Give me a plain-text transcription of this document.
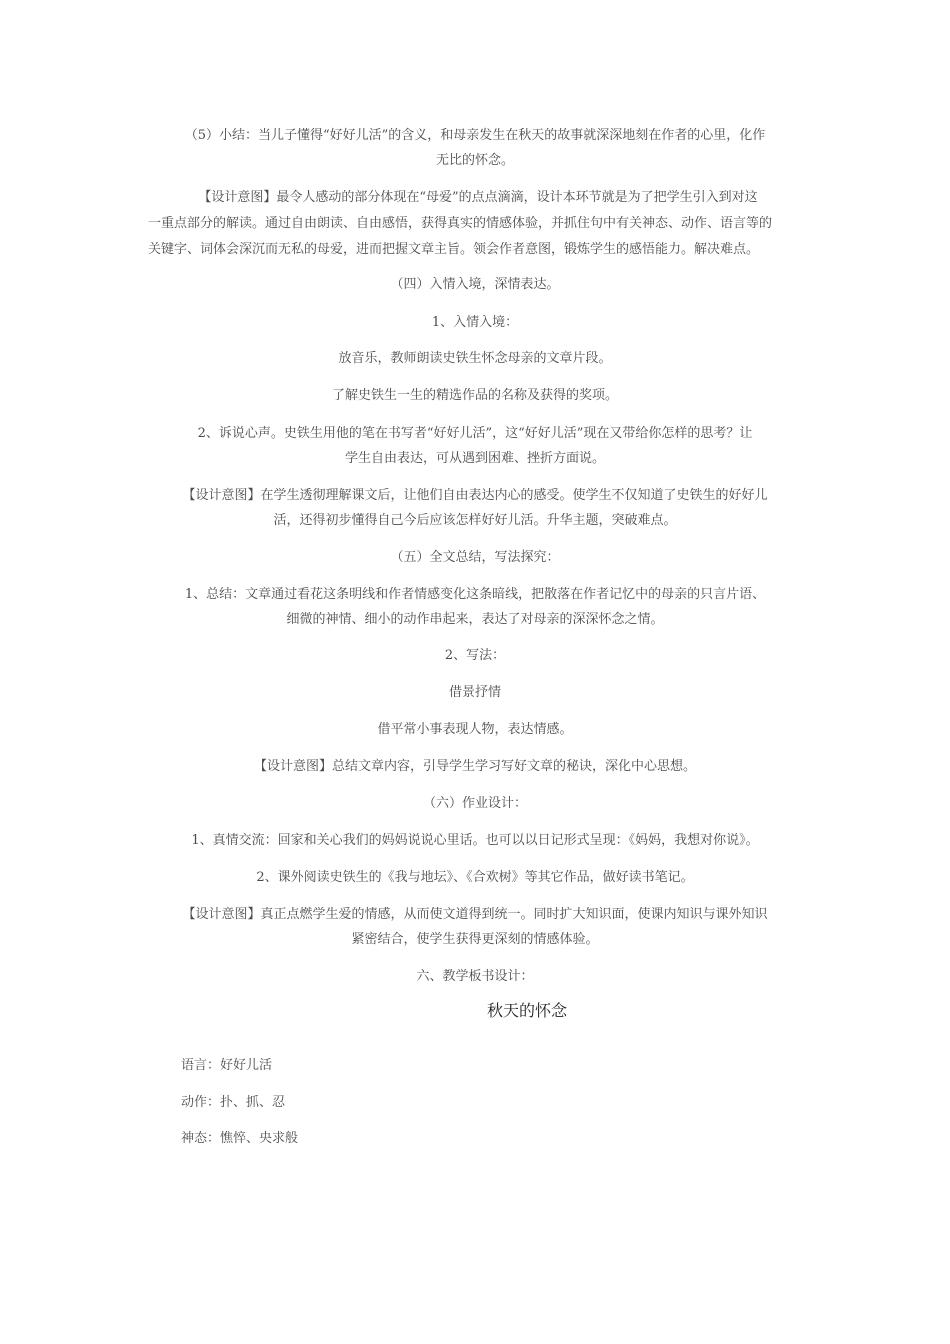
（5）小结：当儿子懂得“好好儿活”的含义，和母亲发生在秋天的故事就深深地刻在作者的心里，化作
无比的怀念。
【设计意图】最令人感动的部分体现在“母爱”的点点滴滴，设计本环节就是为了把学生引入到对这
一重点部分的解读。通过自由朗读、自由感悟，获得真实的情感体验，并抓住句中有关神态、动作、语言等的
关键字、词体会深沉而无私的母爱，进而把握文章主旨。领会作者意图，锻炼学生的感悟能力。解决难点。
（四）入情入境，深情表达。
1、入情入境：
放音乐，教师朗读史铁生怀念母亲的文章片段。
了解史铁生一生的精选作品的名称及获得的奖项。
2、诉说心声。史铁生用他的笔在书写者“好好儿活”，这“好好儿活”现在又带给你怎样的思考？让
学生自由表达，可从遇到困难、挫折方面说。
【设计意图】在学生透彻理解课文后，让他们自由表达内心的感受。使学生不仅知道了史铁生的好好儿
活，还得初步懂得自己今后应该怎样好好儿活。升华主题，突破难点。
（五）全文总结，写法探究：
1、总结：文章通过看花这条明线和作者情感变化这条暗线，把散落在作者记忆中的母亲的只言片语、
细微的神情、细小的动作串起来，表达了对母亲的深深怀念之情。
2、写法：
借景抒情
借平常小事表现人物，表达情感。
【设计意图】总结文章内容，引导学生学习写好文章的秘诀，深化中心思想。
（六）作业设计：
1、真情交流：回家和关心我们的妈妈说说心里话。也可以以日记形式呈现：《妈妈，我想对你说》。
2、课外阅读史铁生的《我与地坛》、《合欢树》等其它作品，做好读书笔记。
【设计意图】真正点燃学生爱的情感，从而使文道得到统一。同时扩大知识面，使课内知识与课外知识
紧密结合，使学生获得更深刻的情感体验。
六、教学板书设计：
秋天的怀念
语言：好好儿活
动作：扑、抓、忍
神态：憔悴、央求般
